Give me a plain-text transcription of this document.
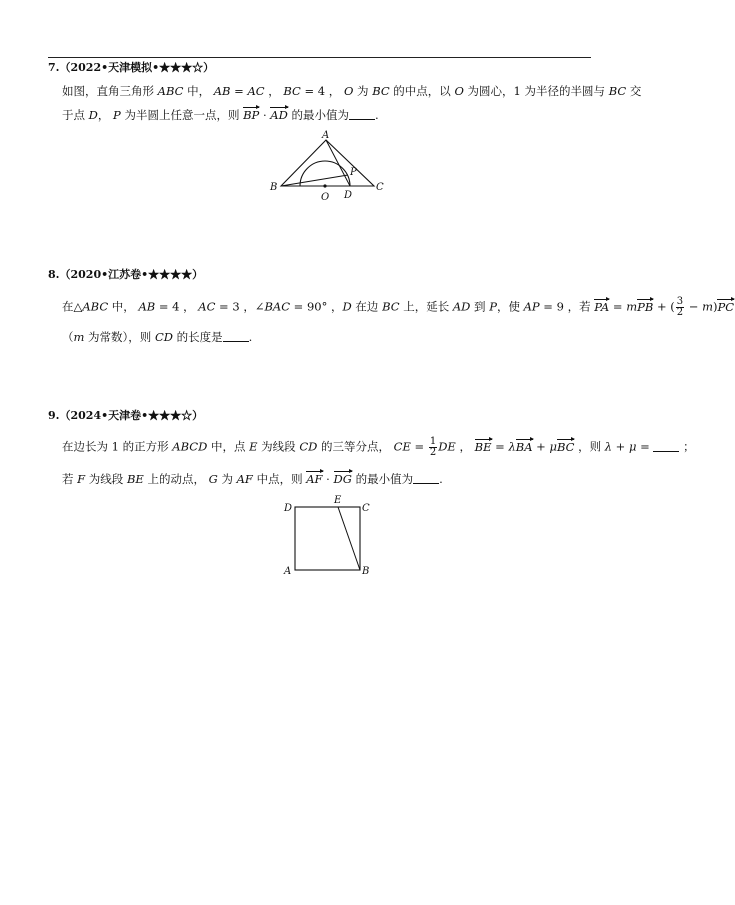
7.（2022•天津模拟•★★★☆）
如图，直角三角形 ABC 中， AB = AC ， BC = 4 ， O 为 BC 的中点，以 O 为圆心，1 为半径的半圆与 BC 交
于点 D， P 为半圆上任意一点，则 BP · AD 的最小值为 .
A
B	C
O D
P
8.（2020•江苏卷•★★★★）
在△ABC 中， AB = 4 ， AC = 3 ，∠BAC = 90° ，D 在边 BC 上，延长 AD 到 P，使 AP = 9 ，若 PA = mPB + ( $\frac{3}{2} - m)PC$
（m 为常数），则 CD 的长度是 .
9.（2024•天津卷•★★★☆）
在边长为 1 的正方形 ABCD 中，点 E 为线段 CD 的三等分点， CE = $\frac{1}{2}$ DE ， BE = λBA + μBC ，则 λ + μ =  ；
若 F 为线段 BE 上的动点， G 为 AF 中点，则 AF · DG 的最小值为 .
D	C
E
A	B
